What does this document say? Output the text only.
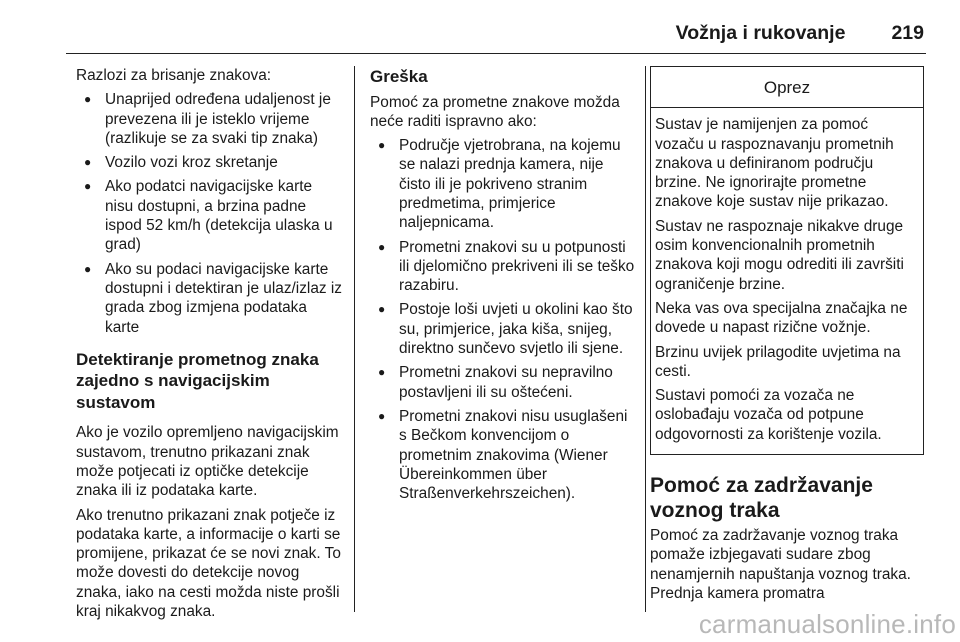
Vožnja i rukovanje 219

Razlozi za brisanje znakova:

● Unaprijed određena udaljenost je prevezena ili je isteklo vrijeme (razlikuje se za svaki tip znaka)
● Vozilo vozi kroz skretanje
● Ako podatci navigacijske karte nisu dostupni, a brzina padne ispod 52 km/h (detekcija ulaska u grad)
● Ako su podaci navigacijske karte dostupni i detektiran je ulaz/izlaz iz grada zbog izmjena podataka karte
Detektiranje prometnog znaka zajedno s navigacijskim sustavom

Ako je vozilo opremljeno navigacijskim sustavom, trenutno prikazani znak može potjecati iz optičke detekcije znaka ili iz podataka karte.

Ako trenutno prikazani znak potječe iz podataka karte, a informacije o karti se promijene, prikazat će se novi znak. To može dovesti do detekcije novog znaka, iako na cesti možda niste prošli kraj nikakvog znaka.

Greška

Pomoć za prometne znakove možda neće raditi ispravno ako:

● Područje vjetrobrana, na kojemu se nalazi prednja kamera, nije čisto ili je pokriveno stranim predmetima, primjerice naljepnicama.
● Prometni znakovi su u potpunosti ili djelomično prekriveni ili se teško razabiru.
● Postoje loši uvjeti u okolini kao što su, primjerice, jaka kiša, snijeg, direktno sunčevo svjetlo ili sjene.
● Prometni znakovi su nepravilno postavljeni ili su oštećeni.
● Prometni znakovi nisu usuglašeni s Bečkom konvencijom o prometnim znakovima (Wiener Übereinkommen über Straßenverkehrszeichen).
Oprez

Sustav je namijenjen za pomoć vozaču u raspoznavanju prometnih znakova u definiranom području brzine. Ne ignorirajte prometne znakove koje sustav nije prikazao.

Sustav ne raspoznaje nikakve druge osim konvencionalnih prometnih znakova koji mogu odrediti ili završiti ograničenje brzine.

Neka vas ova specijalna značajka ne dovede u napast rizične vožnje.

Brzinu uvijek prilagodite uvjetima na cesti.

Sustavi pomoći za vozača ne oslobađaju vozača od potpune odgovornosti za korištenje vozila.

Pomoć za zadržavanje voznog traka

Pomoć za zadržavanje voznog traka pomaže izbjegavati sudare zbog nenamjernih napuštanja voznog traka. Prednja kamera promatra

carmanualsonline.info
